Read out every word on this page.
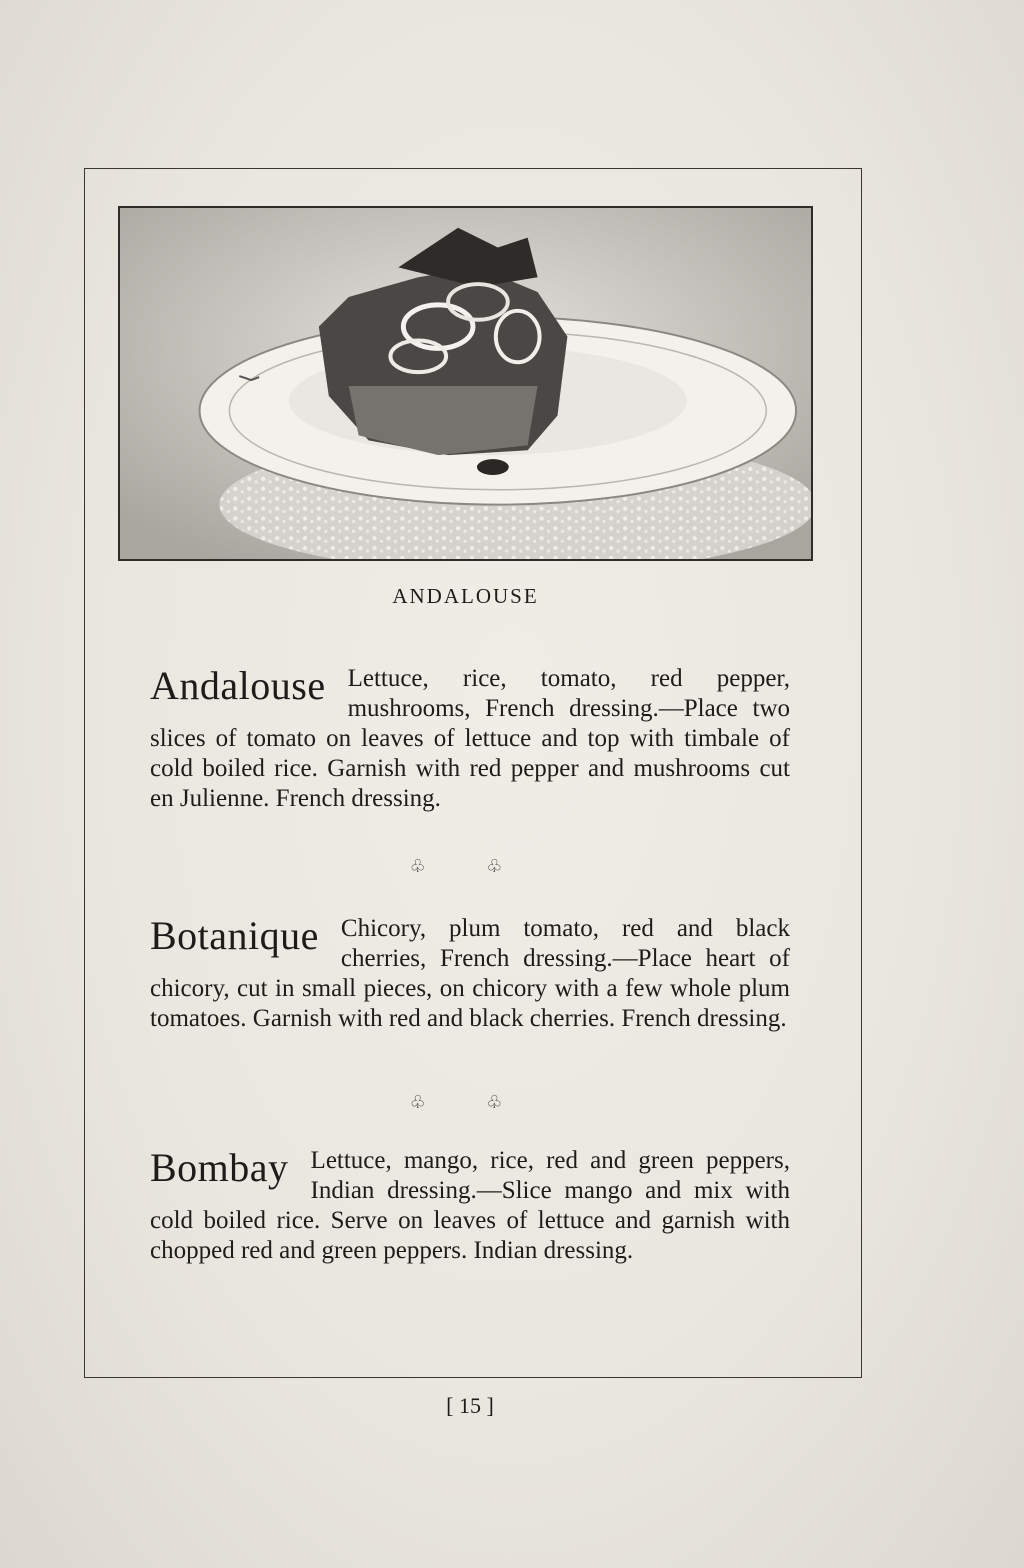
ANDALOUSE
Andalouse Lettuce, rice, tomato, red pepper, mushrooms, French dressing.—Place two slices of tomato on leaves of lettuce and top with timbale of cold boiled rice. Garnish with red pepper and mushrooms cut en Julienne. French dressing.

♧ ♧
Botanique Chicory, plum tomato, red and black cherries, French dressing.—Place heart of chicory, cut in small pieces, on chicory with a few whole plum tomatoes. Garnish with red and black cherries. French dressing.

♧ ♧
Bombay Lettuce, mango, rice, red and green peppers, Indian dressing.—Slice mango and mix with cold boiled rice. Serve on leaves of lettuce and garnish with chopped red and green peppers. Indian dressing.

[ 15 ]
